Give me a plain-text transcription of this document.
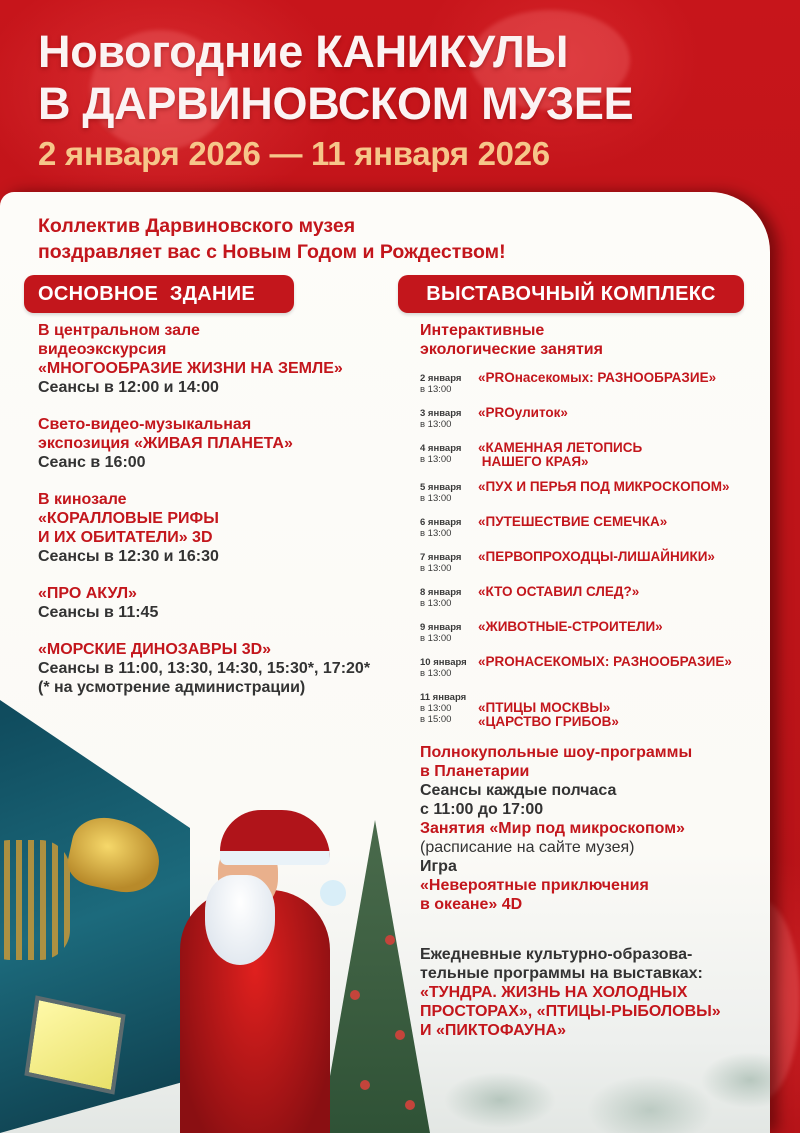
Новогодние КАНИКУЛЫ
В ДАРВИНОВСКОМ МУЗЕЕ
2 января 2026 — 11 января 2026
Коллектив Дарвиновского музея
поздравляет вас с Новым Годом и Рождеством!
ОСНОВНОЕ  ЗДАНИЕ	ВЫСТАВОЧНЫЙ КОМПЛЕКС
В центральном зале
видеоэкскурсия
«МНОГООБРАЗИЕ ЖИЗНИ НА ЗЕМЛЕ»
Сеансы в 12:00 и 14:00
Свето-видео-музыкальная
экспозиция «ЖИВАЯ ПЛАНЕТА»
Сеанс в 16:00
В кинозале
«КОРАЛЛОВЫЕ РИФЫ
И ИХ ОБИТАТЕЛИ» 3D
Сеансы в 12:30 и 16:30
«ПРО АКУЛ»
Сеансы в 11:45
«МОРСКИЕ ДИНОЗАВРЫ 3D»
Сеансы в 11:00, 13:30, 14:30, 15:30*, 17:20*
(* на усмотрение администрации)
Интерактивные
экологические занятия
2 января
в 13:00
«PROнасекомых: РАЗНООБРАЗИЕ»
3 января
в 13:00
«PROулиток»
4 января
в 13:00
«КАМЕННАЯ ЛЕТОПИСЬ
НАШЕГО КРАЯ»
5 января
в 13:00
«ПУХ И ПЕРЬЯ ПОД МИКРОСКОПОМ»
6 января
в 13:00
«ПУТЕШЕСТВИЕ СЕМЕЧКА»
7 января
в 13:00
«ПЕРВОПРОХОДЦЫ-ЛИШАЙНИКИ»
8 января
в 13:00
«КТО ОСТАВИЛ СЛЕД?»
9 января
в 13:00
«ЖИВОТНЫЕ-СТРОИТЕЛИ»
10 января
в 13:00
«PROНАСЕКОМЫХ: РАЗНООБРАЗИЕ»
11 января
в 13:00
в 15:00
«ПТИЦЫ МОСКВЫ»
«ЦАРСТВО ГРИБОВ»
Полнокупольные шоу-программы
в Планетарии
Сеансы каждые полчаса
с 11:00 до 17:00
Занятия «Мир под микроскопом»
(расписание на сайте музея)
Игра
«Невероятные приключения
в океане» 4D
Ежедневные культурно-образова-
тельные программы на выставках:
«ТУНДРА. ЖИЗНЬ НА ХОЛОДНЫХ
ПРОСТОРАХ», «ПТИЦЫ-РЫБОЛОВЫ»
И «ПИКТОФАУНА»
